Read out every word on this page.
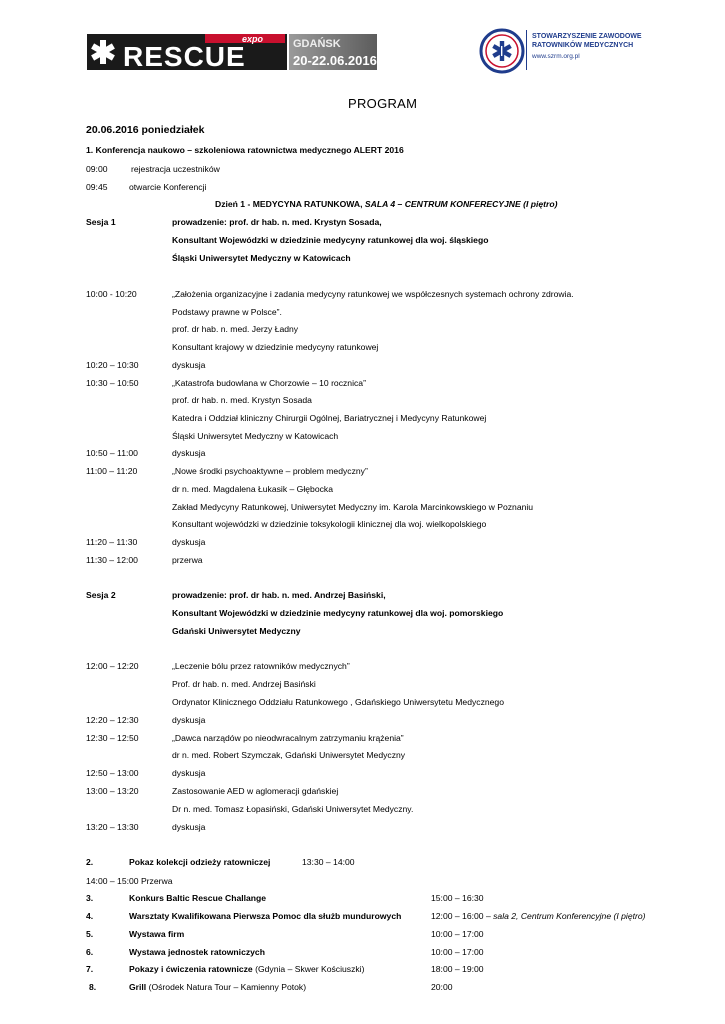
expo
RESCUE	GDAŃSK
20-22.06.2016
STOWARZYSZENIE ZAWODOWE
RATOWNIKÓW MEDYCZNYCH
www.szrm.org.pl
PROGRAM
20.06.2016 poniedziałek
1. Konferencja naukowo – szkoleniowa ratownictwa medycznego ALERT 2016
09:00	rejestracja uczestników
09:45 otwarcie Konferencji
Dzień 1 - MEDYCYNA RATUNKOWA, SALA 4 – CENTRUM KONFERECYJNE (I piętro)
Sesja 1	prowadzenie: prof. dr hab. n. med. Krystyn Sosada,
Konsultant Wojewódzki w dziedzinie medycyny ratunkowej dla woj. śląskiego
Śląski Uniwersytet Medyczny w Katowicach
10:00 - 10:20	„Założenia organizacyjne i zadania medycyny ratunkowej we współczesnych systemach ochrony zdrowia.
Podstawy prawne w Polsce”.
prof. dr hab. n. med. Jerzy Ładny
Konsultant krajowy w dziedzinie medycyny ratunkowej
10:20 – 10:30	dyskusja
10:30 – 10:50	„Katastrofa budowlana w Chorzowie – 10 rocznica”
prof. dr hab. n. med. Krystyn Sosada
Katedra i Oddział kliniczny Chirurgii Ogólnej, Bariatrycznej i Medycyny Ratunkowej
Śląski Uniwersytet Medyczny w Katowicach
10:50 – 11:00	dyskusja
11:00 – 11:20	„Nowe środki psychoaktywne – problem medyczny”
dr n. med. Magdalena Łukasik – Głębocka
Zakład Medycyny Ratunkowej, Uniwersytet Medyczny im. Karola Marcinkowskiego w Poznaniu
Konsultant wojewódzki w dziedzinie toksykologii klinicznej dla woj. wielkopolskiego
11:20 – 11:30	dyskusja
11:30 – 12:00	przerwa
Sesja 2	prowadzenie: prof. dr hab. n. med. Andrzej Basiński,
Konsultant Wojewódzki w dziedzinie medycyny ratunkowej dla woj. pomorskiego
Gdański Uniwersytet Medyczny
12:00 – 12:20	„Leczenie bólu przez ratowników medycznych”
Prof. dr hab. n. med. Andrzej Basiński
Ordynator Klinicznego Oddziału Ratunkowego , Gdańskiego Uniwersytetu Medycznego
12:20 – 12:30	dyskusja
12:30 – 12:50	„Dawca narządów po nieodwracalnym zatrzymaniu krążenia”
dr n. med. Robert Szymczak, Gdański Uniwersytet Medyczny
12:50 – 13:00	dyskusja
13:00 – 13:20	Zastosowanie AED w aglomeracji gdańskiej
Dr n. med. Tomasz Łopasiński, Gdański Uniwersytet Medyczny.
13:20 – 13:30	dyskusja
2.	Pokaz kolekcji odzieży ratowniczej	13:30 – 14:00
14:00 – 15:00 Przerwa
3.	Konkurs Baltic Rescue Challange	15:00 – 16:30
4.	Warsztaty Kwalifikowana Pierwsza Pomoc dla służb mundurowych	12:00 – 16:00 – sala 2, Centrum Konferencyjne (I piętro)
5.	Wystawa firm	10:00 – 17:00
6.	Wystawa jednostek ratowniczych	10:00 – 17:00
7.	Pokazy i ćwiczenia ratownicze (Gdynia – Skwer Kościuszki)	18:00 – 19:00
8.	Grill (Ośrodek Natura Tour – Kamienny Potok)	20:00
